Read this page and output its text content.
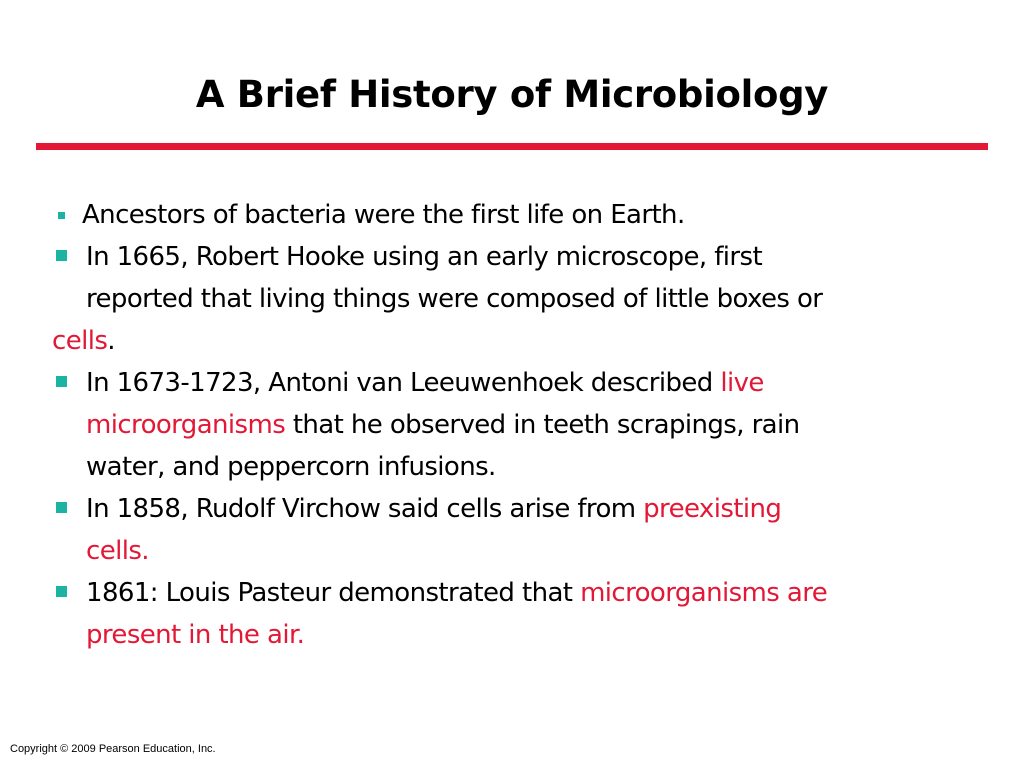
A Brief History of Microbiology
Ancestors of bacteria were the first life on Earth.
In 1665, Robert Hooke using an early microscope, first
reported that living things were composed of little boxes or
cells.
In 1673-1723, Antoni van Leeuwenhoek described live
microorganisms that he observed in teeth scrapings, rain
water, and peppercorn infusions.
In 1858, Rudolf Virchow said cells arise from preexisting
cells.
1861: Louis Pasteur demonstrated that microorganisms are
present in the air.
Copyright © 2009 Pearson Education, Inc.
